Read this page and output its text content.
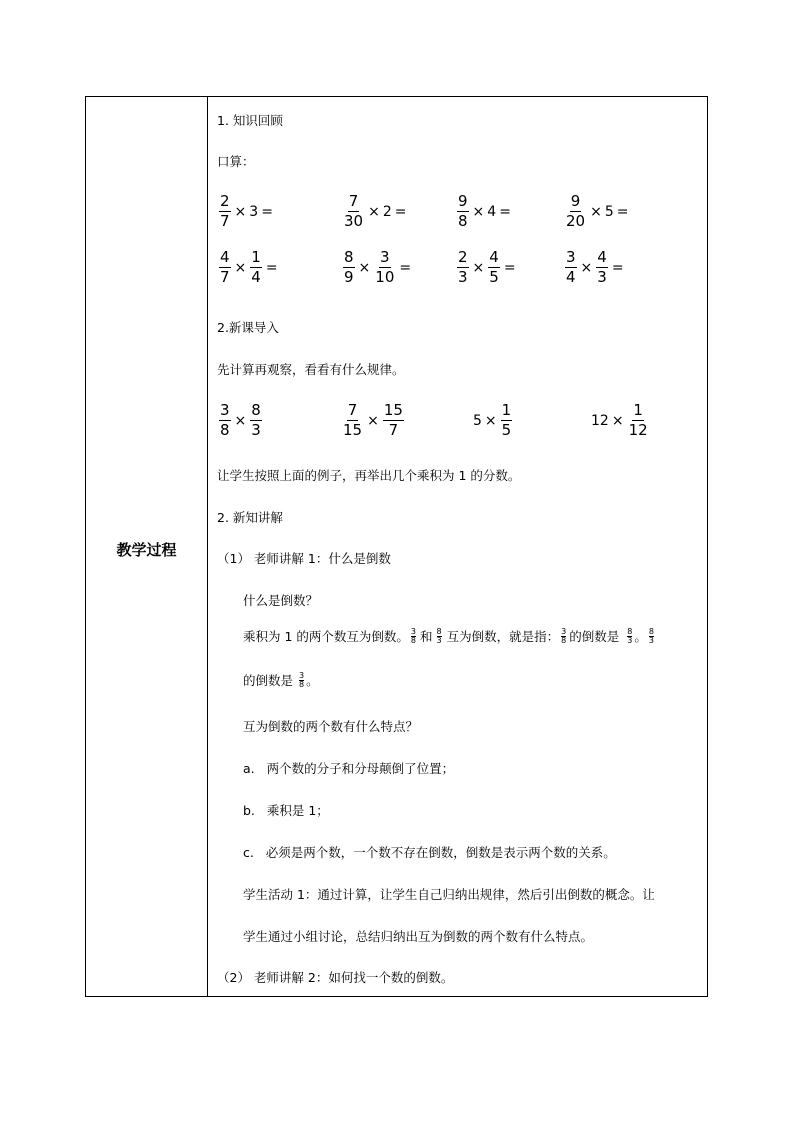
教学过程
1. 知识回顾
口算：
$\frac{2}{7} \times 3$ =	$\frac{7}{30} \times 2$ =	$\frac{9}{8} \times 4$ =	$\frac{9}{20} \times 5$ =
$\frac{4}{7} \times \frac{1}{4}$ =	$\frac{8}{9} \times \frac{3}{10}$ =	$\frac{2}{3} \times \frac{4}{5}$ =	$\frac{3}{4} \times \frac{4}{3}$ =
2.新课导入
先计算再观察，看看有什么规律。
$\frac{3}{8} \times \frac{8}{3}$	$\frac{7}{15} \times \frac{15}{7}$	$5 \times \frac{1}{5}$	$12 \times \frac{1}{12}$
让学生按照上面的例子，再举出几个乘积为 1 的分数。
2. 新知讲解
（1） 老师讲解 1：什么是倒数
什么是倒数？
乘积为 1 的两个数互为倒数。 $\frac{3}{8}$ 和 $\frac{8}{3}$ 互为倒数，就是指： $\frac{3}{8}$ 的倒数是 $\frac{8}{3}$ 。 $\frac{8}{3}$
的倒数是 $\frac{3}{8}$ 。
互为倒数的两个数有什么特点？
a. 两个数的分子和分母颠倒了位置；
b. 乘积是 1；
c. 必须是两个数，一个数不存在倒数，倒数是表示两个数的关系。
学生活动 1：通过计算，让学生自己归纳出规律，然后引出倒数的概念。让
学生通过小组讨论，总结归纳出互为倒数的两个数有什么特点。
（2） 老师讲解 2：如何找一个数的倒数。
